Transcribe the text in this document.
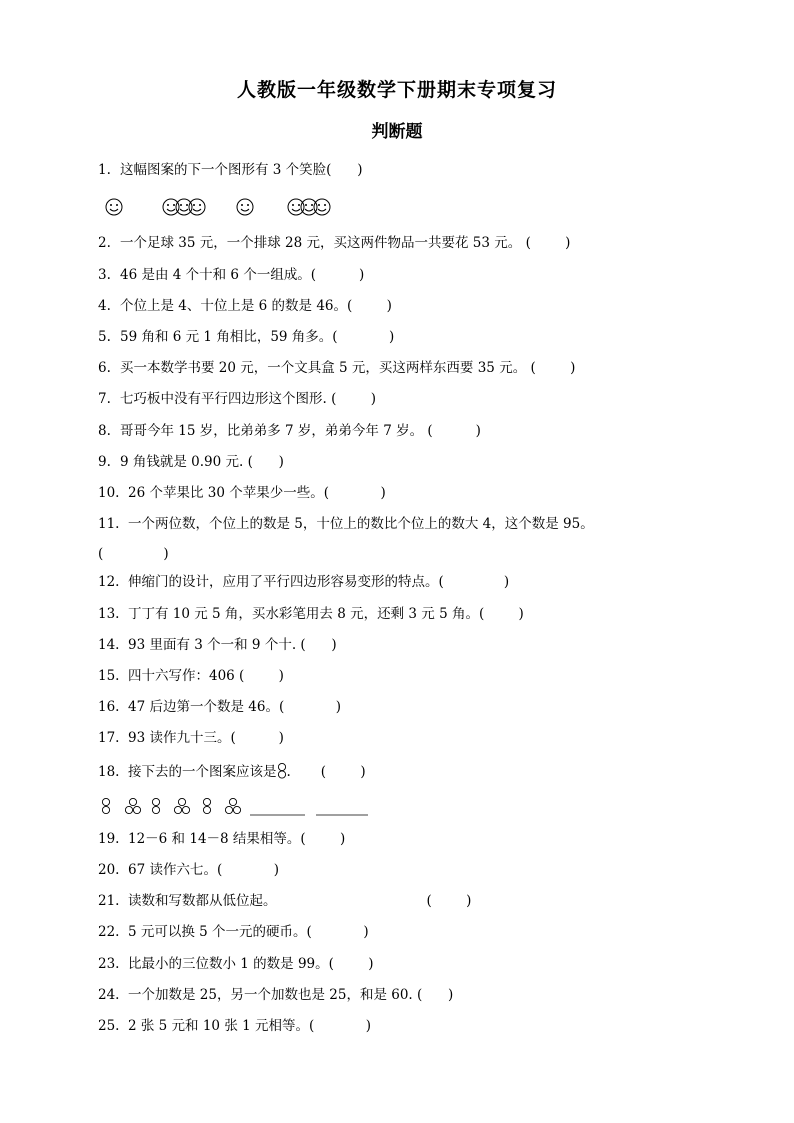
人教版一年级数学下册期末专项复习
判断题
1. 这幅图案的下一个图形有 3 个笑脸(      )
2. 一个足球 35 元，一个排球 28 元，买这两件物品一共要花 53 元。 (        )
3. 46 是由 4 个十和 6 个一组成。(          )
4. 个位上是 4、十位上是 6 的数是 46。(        )
5. 59 角和 6 元 1 角相比，59 角多。(            )
6. 买一本数学书要 20 元，一个文具盒 5 元，买这两样东西要 35 元。 (        )
7. 七巧板中没有平行四边形这个图形. (        )
8. 哥哥今年 15 岁，比弟弟多 7 岁，弟弟今年 7 岁。 (          )
9. 9 角钱就是 0.90 元. (      )
10. 26 个苹果比 30 个苹果少一些。(            )
11. 一个两位数，个位上的数是 5，十位上的数比个位上的数大 4，这个数是 95。
(              )
12. 伸缩门的设计，应用了平行四边形容易变形的特点。(              )
13. 丁丁有 10 元 5 角，买水彩笔用去 8 元，还剩 3 元 5 角。(        )
14. 93 里面有 3 个一和 9 个十. (      )
15. 四十六写作：406 (        )
16. 47 后边第一个数是 46。(            )
17. 93 读作九十三。(          )
18. 接下去的一个图案应该是 . (        )
19. 12－6 和 14－8 结果相等。(        )
20. 67 读作六七。(            )
21. 读数和写数都从低位起。	(        )
22. 5 元可以换 5 个一元的硬币。(            )
23. 比最小的三位数小 1 的数是 99。(        )
24. 一个加数是 25，另一个加数也是 25，和是 60. (      )
25. 2 张 5 元和 10 张 1 元相等。(            )
